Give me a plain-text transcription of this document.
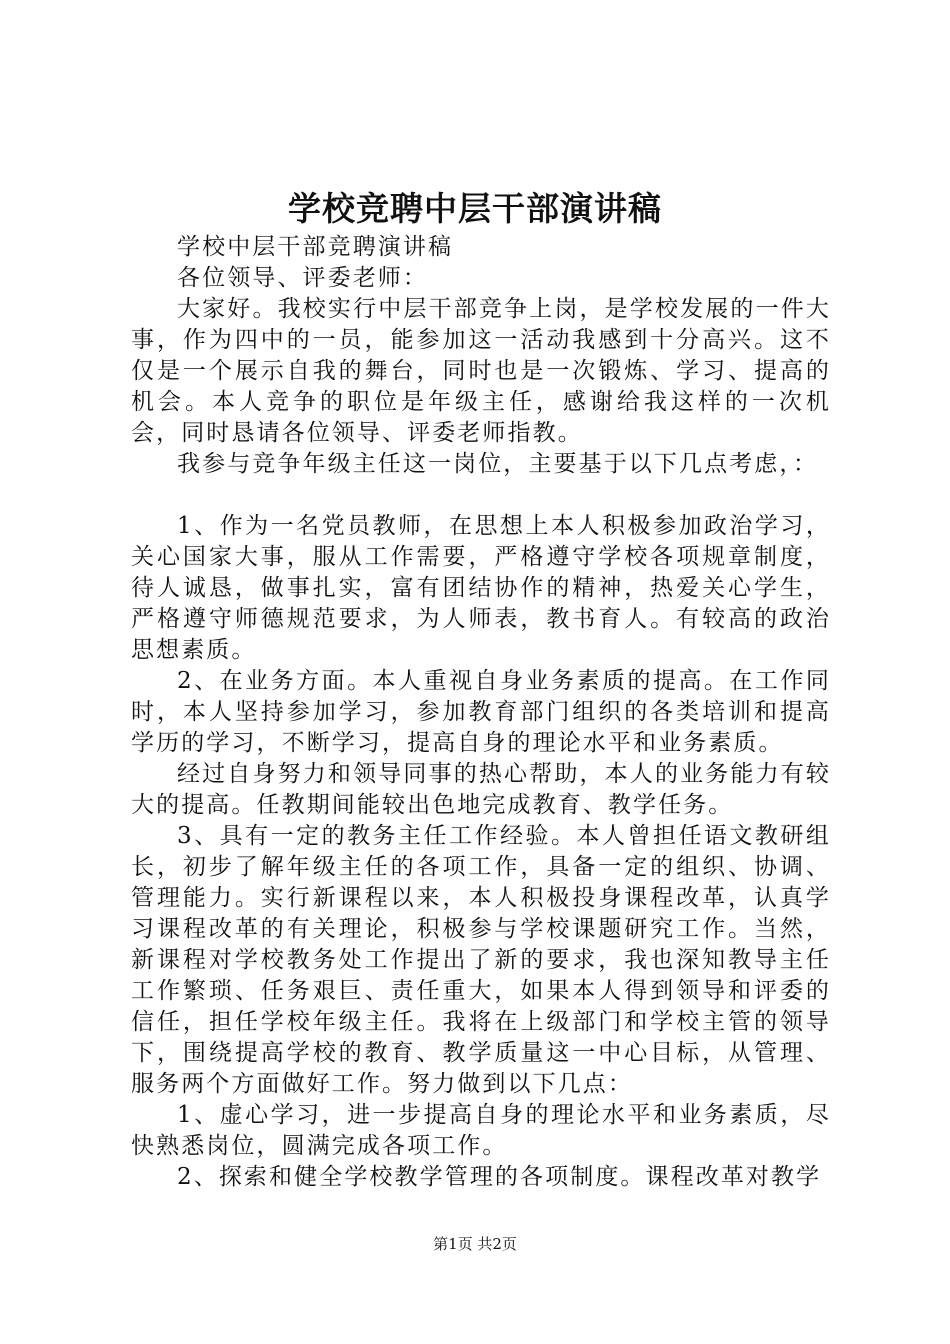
学校竞聘中层干部演讲稿

学校中层干部竞聘演讲稿

各位领导、评委老师：

大家好。我校实行中层干部竞争上岗，是学校发展的一件大事，作为四中的一员，能参加这一活动我感到十分高兴。这不仅是一个展示自我的舞台，同时也是一次锻炼、学习、提高的机会。本人竞争的职位是年级主任，感谢给我这样的一次机会，同时恳请各位领导、评委老师指教。

我参与竞争年级主任这一岗位，主要基于以下几点考虑，：

1、作为一名党员教师，在思想上本人积极参加政治学习，关心国家大事，服从工作需要，严格遵守学校各项规章制度，待人诚恳，做事扎实，富有团结协作的精神，热爱关心学生，严格遵守师德规范要求，为人师表，教书育人。有较高的政治思想素质。

2、在业务方面。本人重视自身业务素质的提高。在工作同时，本人坚持参加学习，参加教育部门组织的各类培训和提高学历的学习，不断学习，提高自身的理论水平和业务素质。

经过自身努力和领导同事的热心帮助，本人的业务能力有较大的提高。任教期间能较出色地完成教育、教学任务。

3、具有一定的教务主任工作经验。本人曾担任语文教研组长，初步了解年级主任的各项工作，具备一定的组织、协调、管理能力。实行新课程以来，本人积极投身课程改革，认真学习课程改革的有关理论，积极参与学校课题研究工作。当然，新课程对学校教务处工作提出了新的要求，我也深知教导主任工作繁琐、任务艰巨、责任重大，如果本人得到领导和评委的信任，担任学校年级主任。我将在上级部门和学校主管的领导下，围绕提高学校的教育、教学质量这一中心目标，从管理、服务两个方面做好工作。努力做到以下几点：

1、虚心学习，进一步提高自身的理论水平和业务素质，尽快熟悉岗位，圆满完成各项工作。

2、探索和健全学校教学管理的各项制度。课程改革对教学

第1页 共2页
